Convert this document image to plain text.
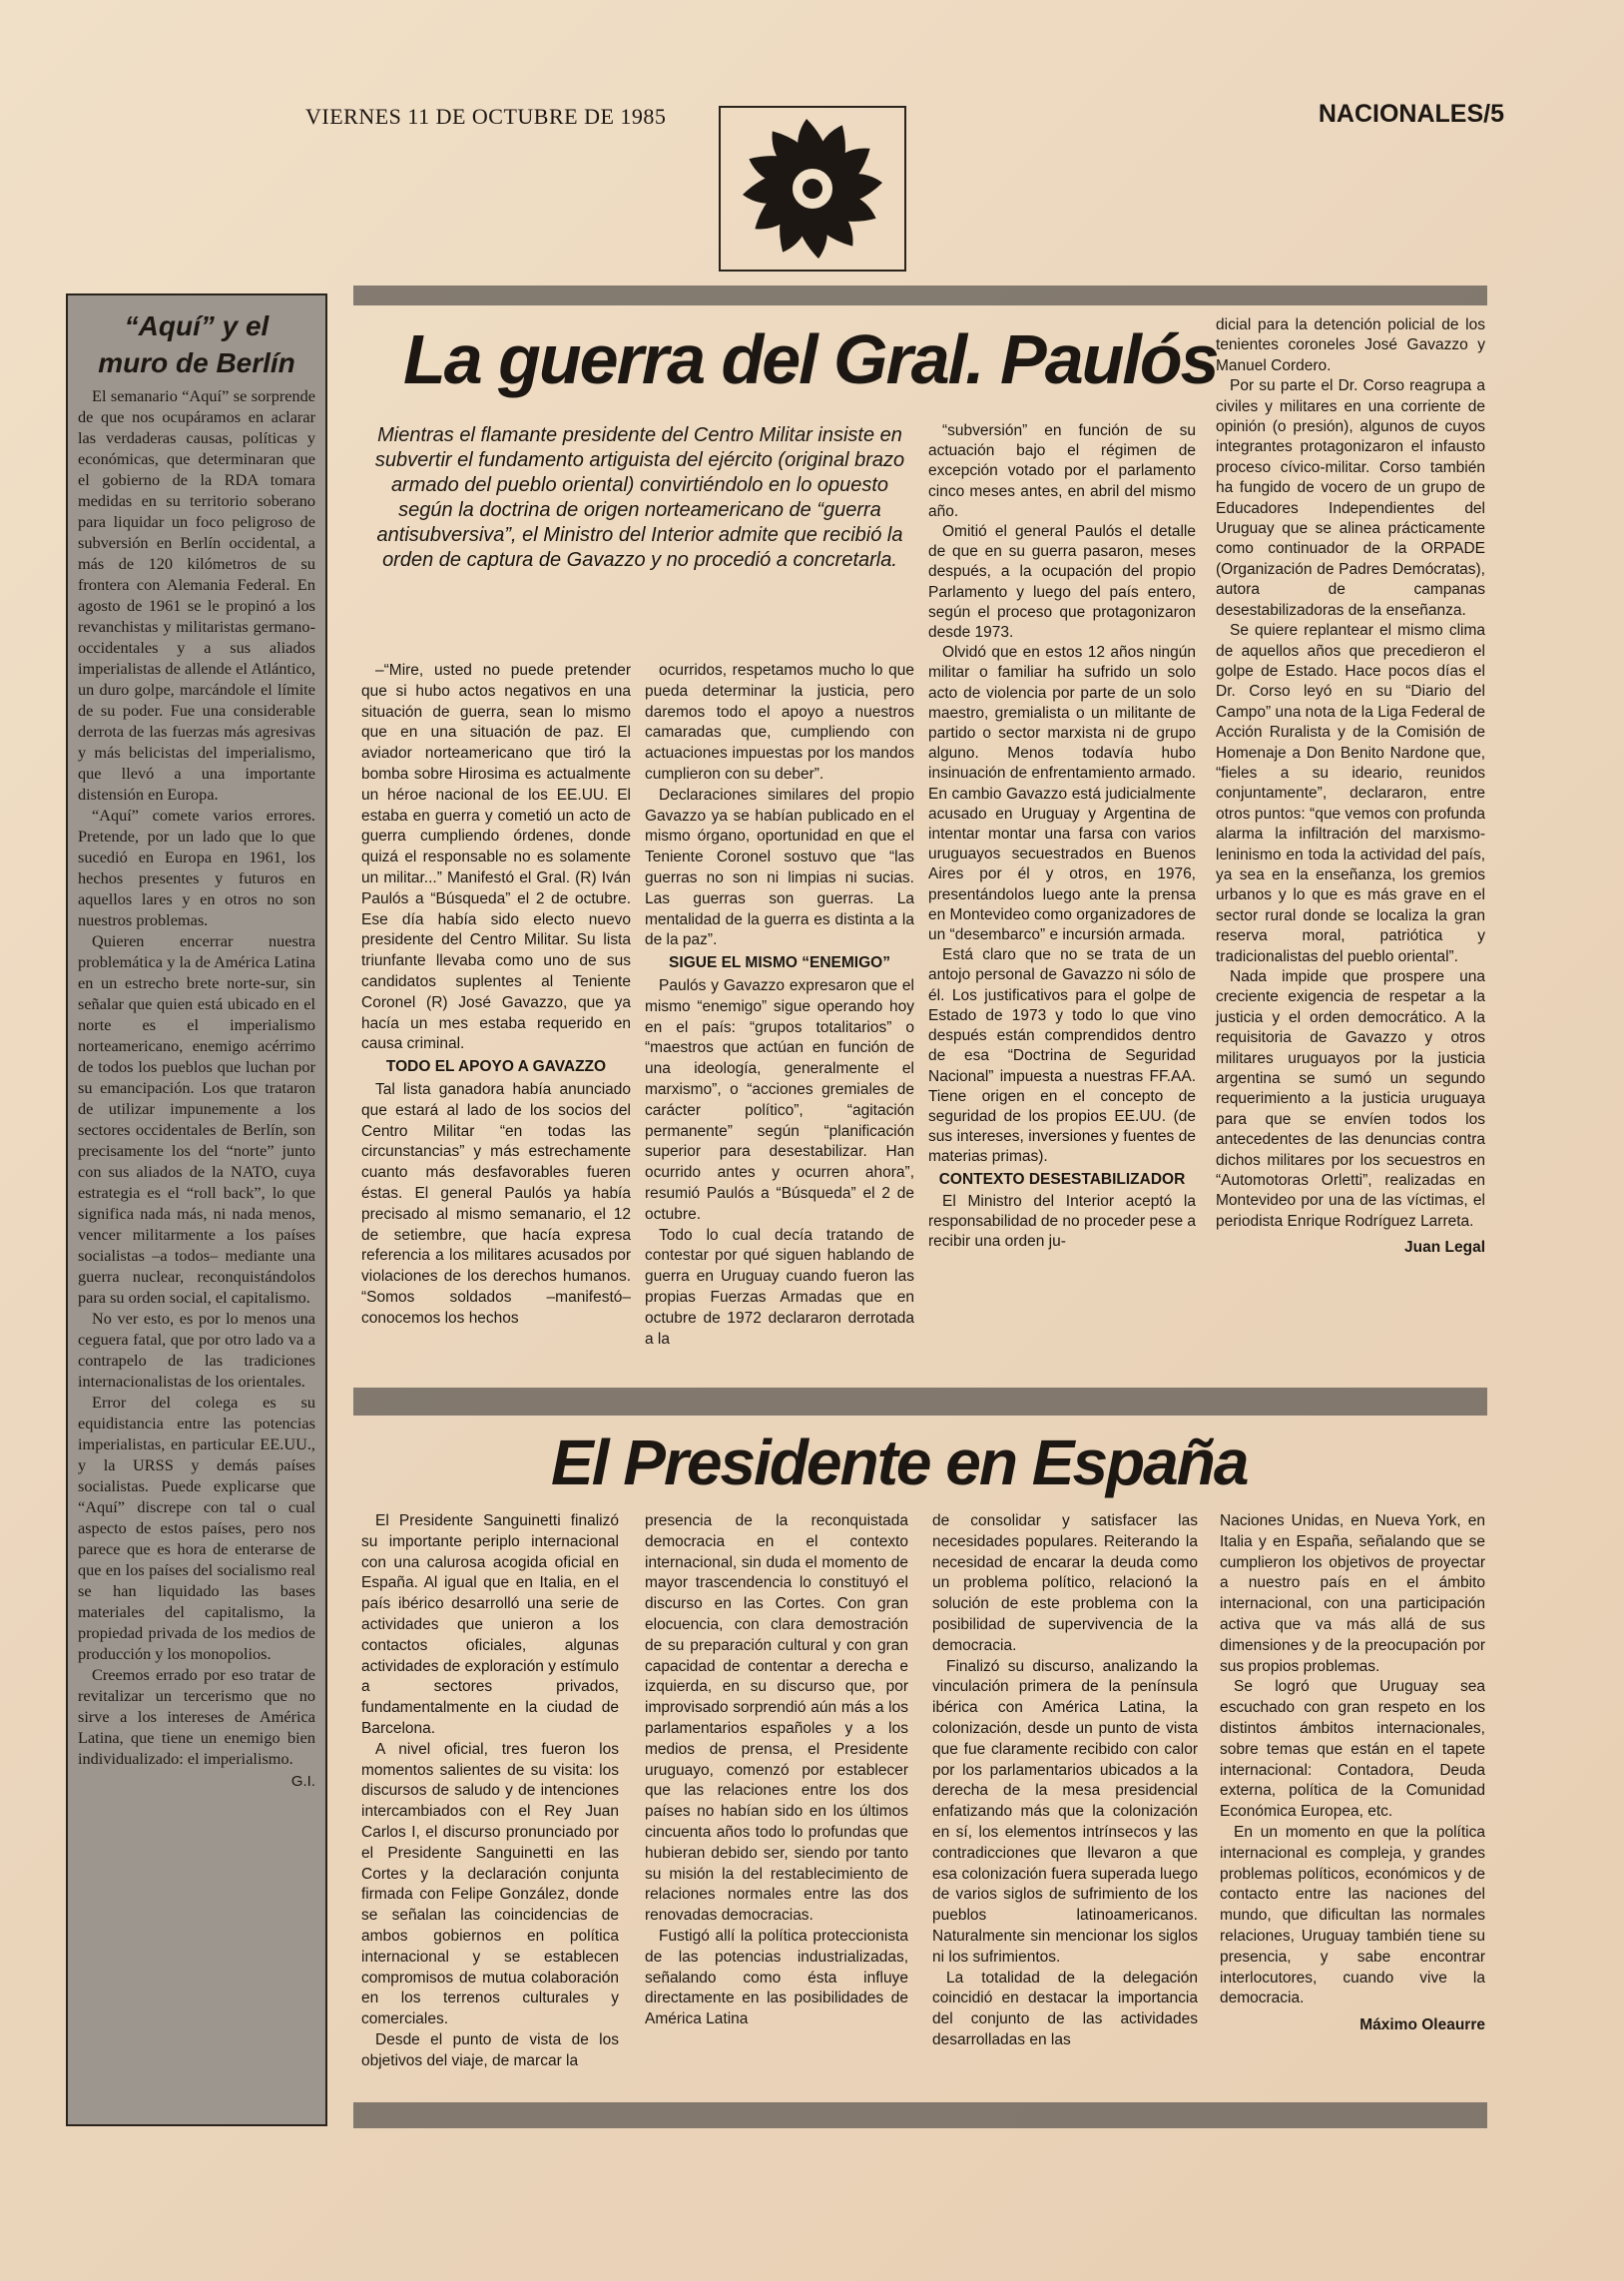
VIERNES 11 DE OCTUBRE DE 1985	NACIONALES/5
“Aquí” y el
muro de Berlín

El semanario “Aquí” se sorprende de que nos ocupáramos en aclarar las verdaderas causas, políticas y económicas, que determinaran que el gobierno de la RDA tomara medidas en su territorio soberano para liquidar un foco peligroso de subversión en Berlín occidental, a más de 120 kilómetros de su frontera con Alemania Federal. En agosto de 1961 se le propinó a los revanchistas y militaristas germano-occidentales y a sus aliados imperialistas de allende el Atlántico, un duro golpe, marcándole el límite de su poder. Fue una considerable derrota de las fuerzas más agresivas y más belicistas del imperialismo, que llevó a una importante distensión en Europa.

“Aquí” comete varios errores. Pretende, por un lado que lo que sucedió en Europa en 1961, los hechos presentes y futuros en aquellos lares y en otros no son nuestros problemas.

Quieren encerrar nuestra problemática y la de América Latina en un estrecho brete norte-sur, sin señalar que quien está ubicado en el norte es el imperialismo norteamericano, enemigo acérrimo de todos los pueblos que luchan por su emancipación. Los que trataron de utilizar impunemente a los sectores occidentales de Berlín, son precisamente los del “norte” junto con sus aliados de la NATO, cuya estrategia es el “roll back”, lo que significa nada más, ni nada menos, vencer militarmente a los países socialistas –a todos– mediante una guerra nuclear, reconquistándolos para su orden social, el capitalismo.

No ver esto, es por lo menos una ceguera fatal, que por otro lado va a contrapelo de las tradiciones internacionalistas de los orientales.

Error del colega es su equidistancia entre las potencias imperialistas, en particular EE.UU., y la URSS y demás países socialistas. Puede explicarse que “Aquí” discrepe con tal o cual aspecto de estos países, pero nos parece que es hora de enterarse de que en los países del socialismo real se han liquidado las bases materiales del capitalismo, la propiedad privada de los medios de producción y los monopolios.

Creemos errado por eso tratar de revitalizar un tercerismo que no sirve a los intereses de América Latina, que tiene un enemigo bien individualizado: el imperialismo.

G.I.
La guerra del Gral. Paulós
Mientras el flamante presidente del Centro Militar insiste en subvertir el fundamento artiguista del ejército (original brazo armado del pueblo oriental) convirtiéndolo en lo opuesto según la doctrina de origen norteamericano de “guerra antisubversiva”, el Ministro del Interior admite que recibió la orden de captura de Gavazzo y no procedió a concretarla.

–“Mire, usted no puede pretender que si hubo actos negativos en una situación de guerra, sean lo mismo que en una situación de paz. El aviador norteamericano que tiró la bomba sobre Hirosima es actualmente un héroe nacional de los EE.UU. El estaba en guerra y cometió un acto de guerra cumpliendo órdenes, donde quizá el responsable no es solamente un militar...” Manifestó el Gral. (R) Iván Paulós a “Búsqueda” el 2 de octubre. Ese día había sido electo nuevo presidente del Centro Militar. Su lista triunfante llevaba como uno de sus candidatos suplentes al Teniente Coronel (R) José Gavazzo, que ya hacía un mes estaba requerido en causa criminal.

TODO EL APOYO A GAVAZZO

Tal lista ganadora había anunciado que estará al lado de los socios del Centro Militar “en todas las circunstancias” y más estrechamente cuanto más desfavorables fueren éstas. El general Paulós ya había precisado al mismo semanario, el 12 de setiembre, que hacía expresa referencia a los militares acusados por violaciones de los derechos humanos. “Somos soldados –manifestó– conocemos los hechos

ocurridos, respetamos mucho lo que pueda determinar la justicia, pero daremos todo el apoyo a nuestros camaradas que, cumpliendo con actuaciones impuestas por los mandos cumplieron con su deber”.

Declaraciones similares del propio Gavazzo ya se habían publicado en el mismo órgano, oportunidad en que el Teniente Coronel sostuvo que “las guerras no son ni limpias ni sucias. Las guerras son guerras. La mentalidad de la guerra es distinta a la de la paz”.

SIGUE EL MISMO “ENEMIGO”

Paulós y Gavazzo expresaron que el mismo “enemigo” sigue operando hoy en el país: “grupos totalitarios” o “maestros que actúan en función de una ideología, generalmente el marxismo”, o “acciones gremiales de carácter político”, “agitación permanente” según “planificación superior para desestabilizar. Han ocurrido antes y ocurren ahora”, resumió Paulós a “Búsqueda” el 2 de octubre.

Todo lo cual decía tratando de contestar por qué siguen hablando de guerra en Uruguay cuando fueron las propias Fuerzas Armadas que en octubre de 1972 declararon derrotada a la

“subversión” en función de su actuación bajo el régimen de excepción votado por el parlamento cinco meses antes, en abril del mismo año.

Omitió el general Paulós el detalle de que en su guerra pasaron, meses después, a la ocupación del propio Parlamento y luego del país entero, según el proceso que protagonizaron desde 1973.

Olvidó que en estos 12 años ningún militar o familiar ha sufrido un solo acto de violencia por parte de un solo maestro, gremialista o un militante de partido o sector marxista ni de grupo alguno. Menos todavía hubo insinuación de enfrentamiento armado. En cambio Gavazzo está judicialmente acusado en Uruguay y Argentina de intentar montar una farsa con varios uruguayos secuestrados en Buenos Aires por él y otros, en 1976, presentándolos luego ante la prensa en Montevideo como organizadores de un “desembarco” e incursión armada.

Está claro que no se trata de un antojo personal de Gavazzo ni sólo de él. Los justificativos para el golpe de Estado de 1973 y todo lo que vino después están comprendidos dentro de esa “Doctrina de Seguridad Nacional” impuesta a nuestras FF.AA. Tiene origen en el concepto de seguridad de los propios EE.UU. (de sus intereses, inversiones y fuentes de materias primas).

CONTEXTO DESESTABILIZADOR

El Ministro del Interior aceptó la responsabilidad de no proceder pese a recibir una orden ju-

dicial para la detención policial de los tenientes coroneles José Gavazzo y Manuel Cordero.

Por su parte el Dr. Corso reagrupa a civiles y militares en una corriente de opinión (o presión), algunos de cuyos integrantes protagonizaron el infausto proceso cívico-militar. Corso también ha fungido de vocero de un grupo de Educadores Independientes del Uruguay que se alinea prácticamente como continuador de la ORPADE (Organización de Padres Demócratas), autora de campanas desestabilizadoras de la enseñanza.

Se quiere replantear el mismo clima de aquellos años que precedieron el golpe de Estado. Hace pocos días el Dr. Corso leyó en su “Diario del Campo” una nota de la Liga Federal de Acción Ruralista y de la Comisión de Homenaje a Don Benito Nardone que, “fieles a su ideario, reunidos conjuntamente”, declararon, entre otros puntos: “que vemos con profunda alarma la infiltración del marxismo-leninismo en toda la actividad del país, ya sea en la enseñanza, los gremios urbanos y lo que es más grave en el sector rural donde se localiza la gran reserva moral, patriótica y tradicionalistas del pueblo oriental”.

Nada impide que prospere una creciente exigencia de respetar a la justicia y el orden democrático. A la requisitoria de Gavazzo y otros militares uruguayos por la justicia argentina se sumó un segundo requerimiento a la justicia uruguaya para que se envíen todos los antecedentes de las denuncias contra dichos militares por los secuestros en “Automotoras Orletti”, realizadas en Montevideo por una de las víctimas, el periodista Enrique Rodríguez Larreta.

Juan Legal
El Presidente en España

El Presidente Sanguinetti finalizó su importante periplo internacional con una calurosa acogida oficial en España. Al igual que en Italia, en el país ibérico desarrolló una serie de actividades que unieron a los contactos oficiales, algunas actividades de exploración y estímulo a sectores privados, fundamentalmente en la ciudad de Barcelona.

A nivel oficial, tres fueron los momentos salientes de su visita: los discursos de saludo y de intenciones intercambiados con el Rey Juan Carlos I, el discurso pronunciado por el Presidente Sanguinetti en las Cortes y la declaración conjunta firmada con Felipe González, donde se señalan las coincidencias de ambos gobiernos en política internacional y se establecen compromisos de mutua colaboración en los terrenos culturales y comerciales.

Desde el punto de vista de los objetivos del viaje, de marcar la

presencia de la reconquistada democracia en el contexto internacional, sin duda el momento de mayor trascendencia lo constituyó el discurso en las Cortes. Con gran elocuencia, con clara demostración de su preparación cultural y con gran capacidad de contentar a derecha e izquierda, en su discurso que, por improvisado sorprendió aún más a los parlamentarios españoles y a los medios de prensa, el Presidente uruguayo, comenzó por establecer que las relaciones entre los dos países no habían sido en los últimos cincuenta años todo lo profundas que hubieran debido ser, siendo por tanto su misión la del restablecimiento de relaciones normales entre las dos renovadas democracias.

Fustigó allí la política proteccionista de las potencias industrializadas, señalando como ésta influye directamente en las posibilidades de América Latina

de consolidar y satisfacer las necesidades populares. Reiterando la necesidad de encarar la deuda como un problema político, relacionó la solución de este problema con la posibilidad de supervivencia de la democracia.

Finalizó su discurso, analizando la vinculación primera de la península ibérica con América Latina, la colonización, desde un punto de vista que fue claramente recibido con calor por los parlamentarios ubicados a la derecha de la mesa presidencial enfatizando más que la colonización en sí, los elementos intrínsecos y las contradicciones que llevaron a que esa colonización fuera superada luego de varios siglos de sufrimiento de los pueblos latinoamericanos. Naturalmente sin mencionar los siglos ni los sufrimientos.

La totalidad de la delegación coincidió en destacar la importancia del conjunto de las actividades desarrolladas en las

Naciones Unidas, en Nueva York, en Italia y en España, señalando que se cumplieron los objetivos de proyectar a nuestro país en el ámbito internacional, con una participación activa que va más allá de sus dimensiones y de la preocupación por sus propios problemas.

Se logró que Uruguay sea escuchado con gran respeto en los distintos ámbitos internacionales, sobre temas que están en el tapete internacional: Contadora, Deuda externa, política de la Comunidad Económica Europea, etc.

En un momento en que la política internacional es compleja, y grandes problemas políticos, económicos y de contacto entre las naciones del mundo, que dificultan las normales relaciones, Uruguay también tiene su presencia, y sabe encontrar interlocutores, cuando vive la democracia.

Máximo Oleaurre
